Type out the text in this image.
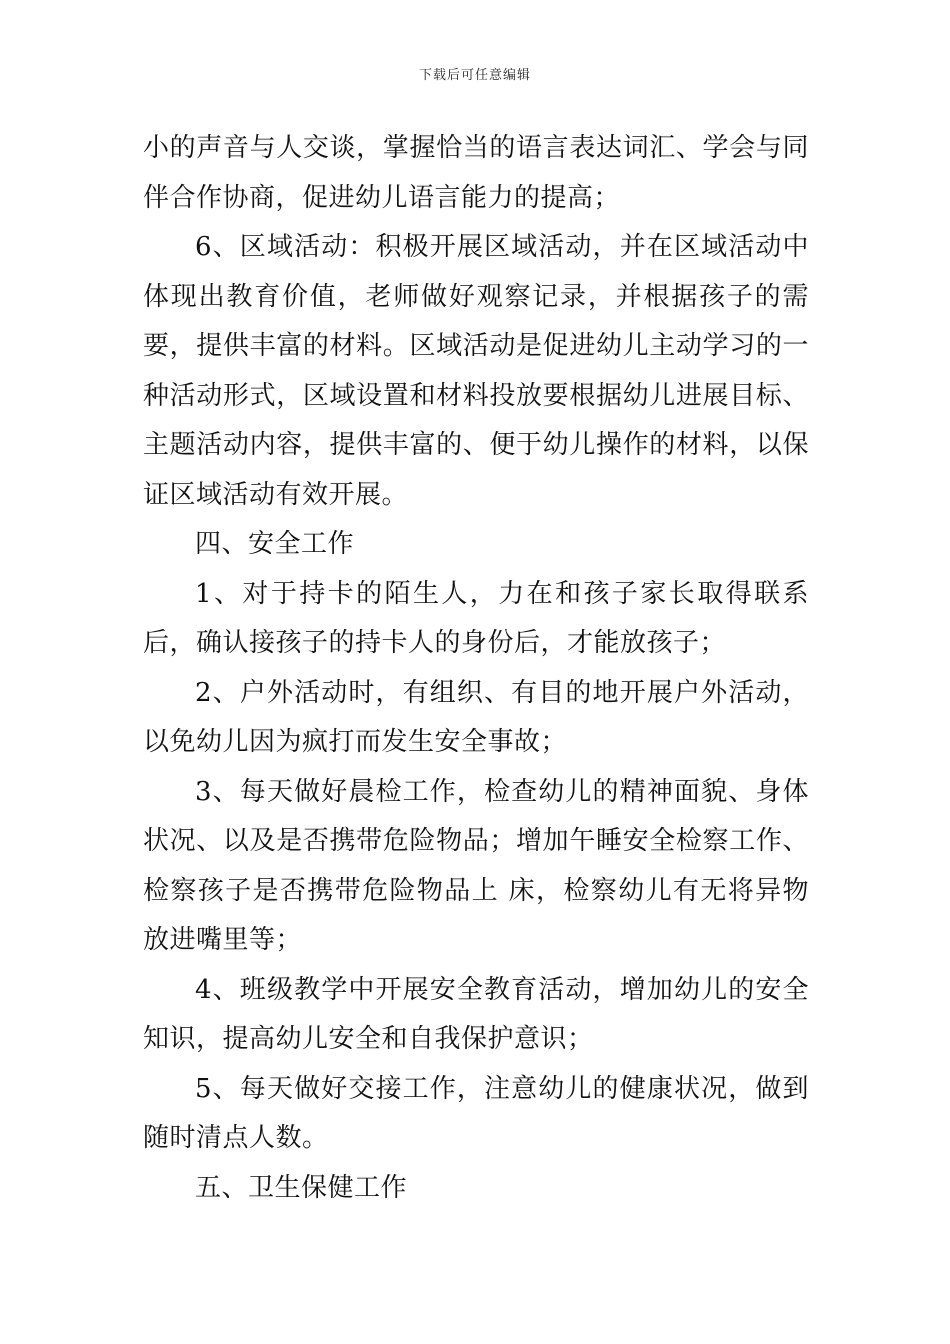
下载后可任意编辑

小的声音与人交谈，掌握恰当的语言表达词汇、学会与同伴合作协商，促进幼儿语言能力的提高；

6、区域活动：积极开展区域活动，并在区域活动中体现出教育价值，老师做好观察记录，并根据孩子的需要，提供丰富的材料。区域活动是促进幼儿主动学习的一种活动形式，区域设置和材料投放要根据幼儿进展目标、主题活动内容，提供丰富的、便于幼儿操作的材料，以保证区域活动有效开展。

四、安全工作

1、对于持卡的陌生人，力在和孩子家长取得联系后，确认接孩子的持卡人的身份后，才能放孩子；

2、户外活动时，有组织、有目的地开展户外活动，以免幼儿因为疯打而发生安全事故；

3、每天做好晨检工作，检查幼儿的精神面貌、身体状况、以及是否携带危险物品；增加午睡安全检察工作、检察孩子是否携带危险物品上 床，检察幼儿有无将异物放进嘴里等；

4、班级教学中开展安全教育活动，增加幼儿的安全知识，提高幼儿安全和自我保护意识；

5、每天做好交接工作，注意幼儿的健康状况，做到随时清点人数。

五、卫生保健工作
